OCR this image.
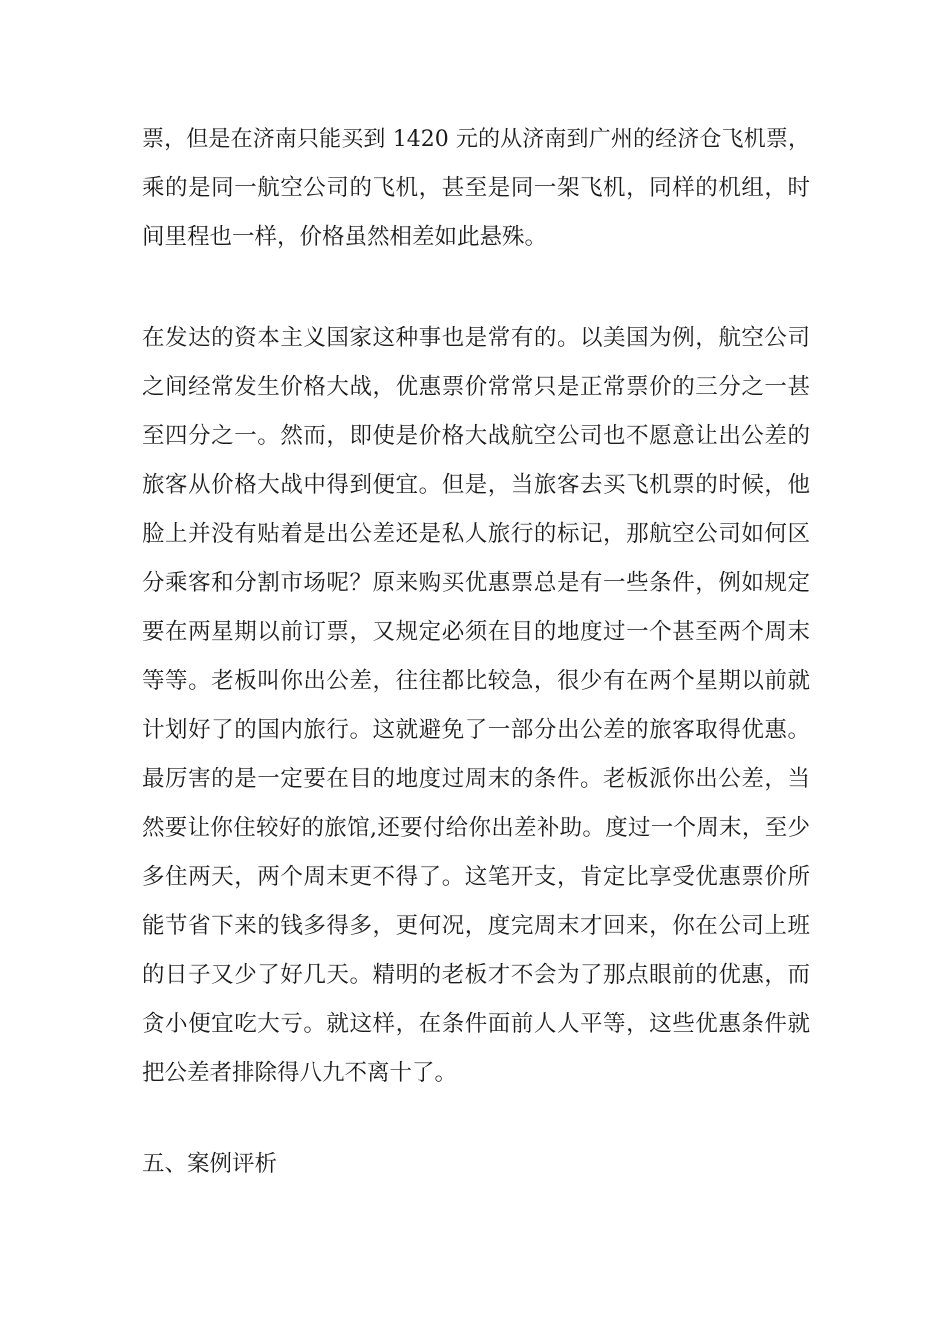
票，但是在济南只能买到 1420 元的从济南到广州的经济仓飞机票，
乘的是同一航空公司的飞机，甚至是同一架飞机，同样的机组，时
间里程也一样，价格虽然相差如此悬殊。

在发达的资本主义国家这种事也是常有的。以美国为例，航空公司
之间经常发生价格大战，优惠票价常常只是正常票价的三分之一甚
至四分之一。然而，即使是价格大战航空公司也不愿意让出公差的
旅客从价格大战中得到便宜。但是，当旅客去买飞机票的时候，他
脸上并没有贴着是出公差还是私人旅行的标记，那航空公司如何区
分乘客和分割市场呢？原来购买优惠票总是有一些条件，例如规定
要在两星期以前订票，又规定必须在目的地度过一个甚至两个周末
等等。老板叫你出公差，往往都比较急，很少有在两个星期以前就
计划好了的国内旅行。这就避免了一部分出公差的旅客取得优惠。
最厉害的是一定要在目的地度过周末的条件。老板派你出公差，当
然要让你住较好的旅馆,还要付给你出差补助。度过一个周末，至少
多住两天，两个周末更不得了。这笔开支，肯定比享受优惠票价所
能节省下来的钱多得多，更何况，度完周末才回来，你在公司上班
的日子又少了好几天。精明的老板才不会为了那点眼前的优惠，而
贪小便宜吃大亏。就这样，在条件面前人人平等，这些优惠条件就
把公差者排除得八九不离十了。

五、案例评析
